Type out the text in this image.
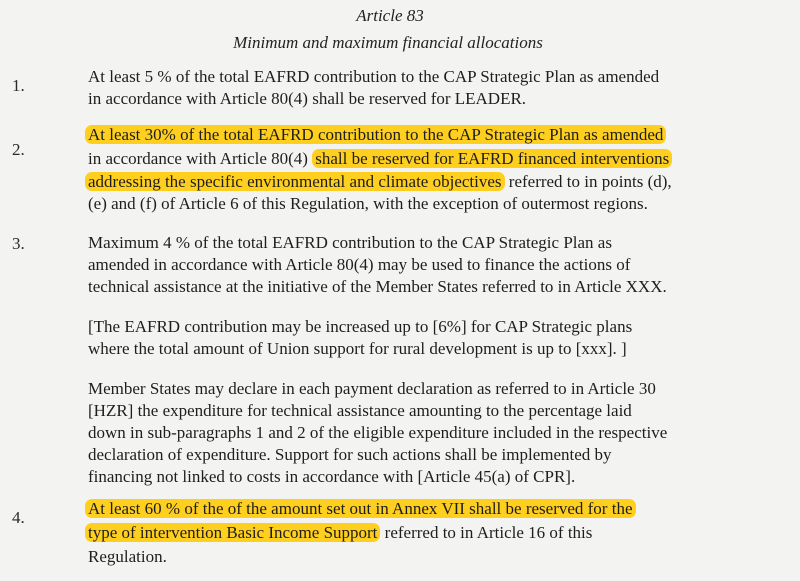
Article 83
Minimum and maximum financial allocations
1.	At least 5 % of the total EAFRD contribution to the CAP Strategic Plan as amended
in accordance with Article 80(4) shall be reserved for LEADER.
2.
At least 30% of the total EAFRD contribution to the CAP Strategic Plan as amended
in accordance with Article 80(4) shall be reserved for EAFRD financed interventions
addressing the specific environmental and climate objectives referred to in points (d),
(e) and (f) of Article 6 of this Regulation, with the exception of outermost regions.
3.	Maximum 4 % of the total EAFRD contribution to the CAP Strategic Plan as
amended in accordance with Article 80(4) may be used to finance the actions of
technical assistance at the initiative of the Member States referred to in Article XXX.
[The EAFRD contribution may be increased up to [6%] for CAP Strategic plans
where the total amount of Union support for rural development is up to [xxx]. ]
Member States may declare in each payment declaration as referred to in Article 30
[HZR] the expenditure for technical assistance amounting to the percentage laid
down in sub-paragraphs 1 and 2 of the eligible expenditure included in the respective
declaration of expenditure. Support for such actions shall be implemented by
financing not linked to costs in accordance with [Article 45(a) of CPR].
4.	At least 60 % of the of the amount set out in Annex VII shall be reserved for the
type of intervention Basic Income Support referred to in Article 16 of this
Regulation.
